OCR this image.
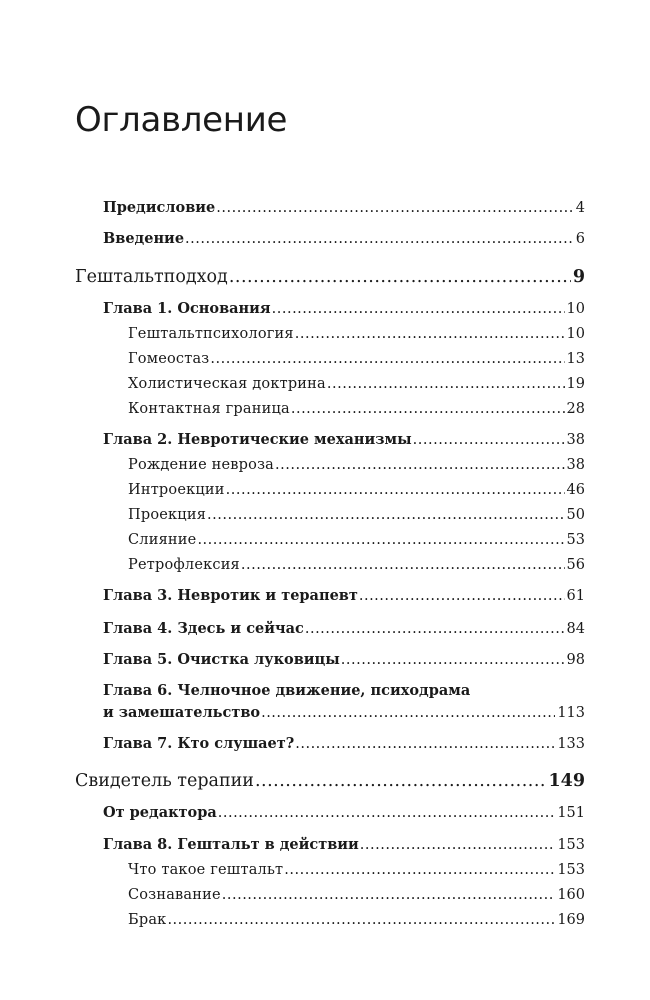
Оглавление
Предисловие .....	4
Введение .....	6
Гештальтподход .....	9
Глава 1. Основания .....	10
Гештальтпсихология .....	10
Гомеостаз .....	13
Холистическая доктрина .....	19
Контактная граница .....	28
Глава 2. Невротические механизмы .....	38
Рождение невроза .....	38
Интроекции .....	46
Проекция .....	50
Слияние .....	53
Ретрофлексия .....	56
Глава 3. Невротик и терапевт .....	61
Глава 4. Здесь и сейчас .....	84
Глава 5. Очистка луковицы .....	98
Глава 6. Челночное движение, психодрама
и замешательство .....	113
Глава 7. Кто слушает? .....	133
Свидетель терапии .....	149
От редактора .....	151
Глава 8. Гештальт в действии .....	153
Что такое гештальт .....	153
Сознавание .....	160
Брак .....	169
